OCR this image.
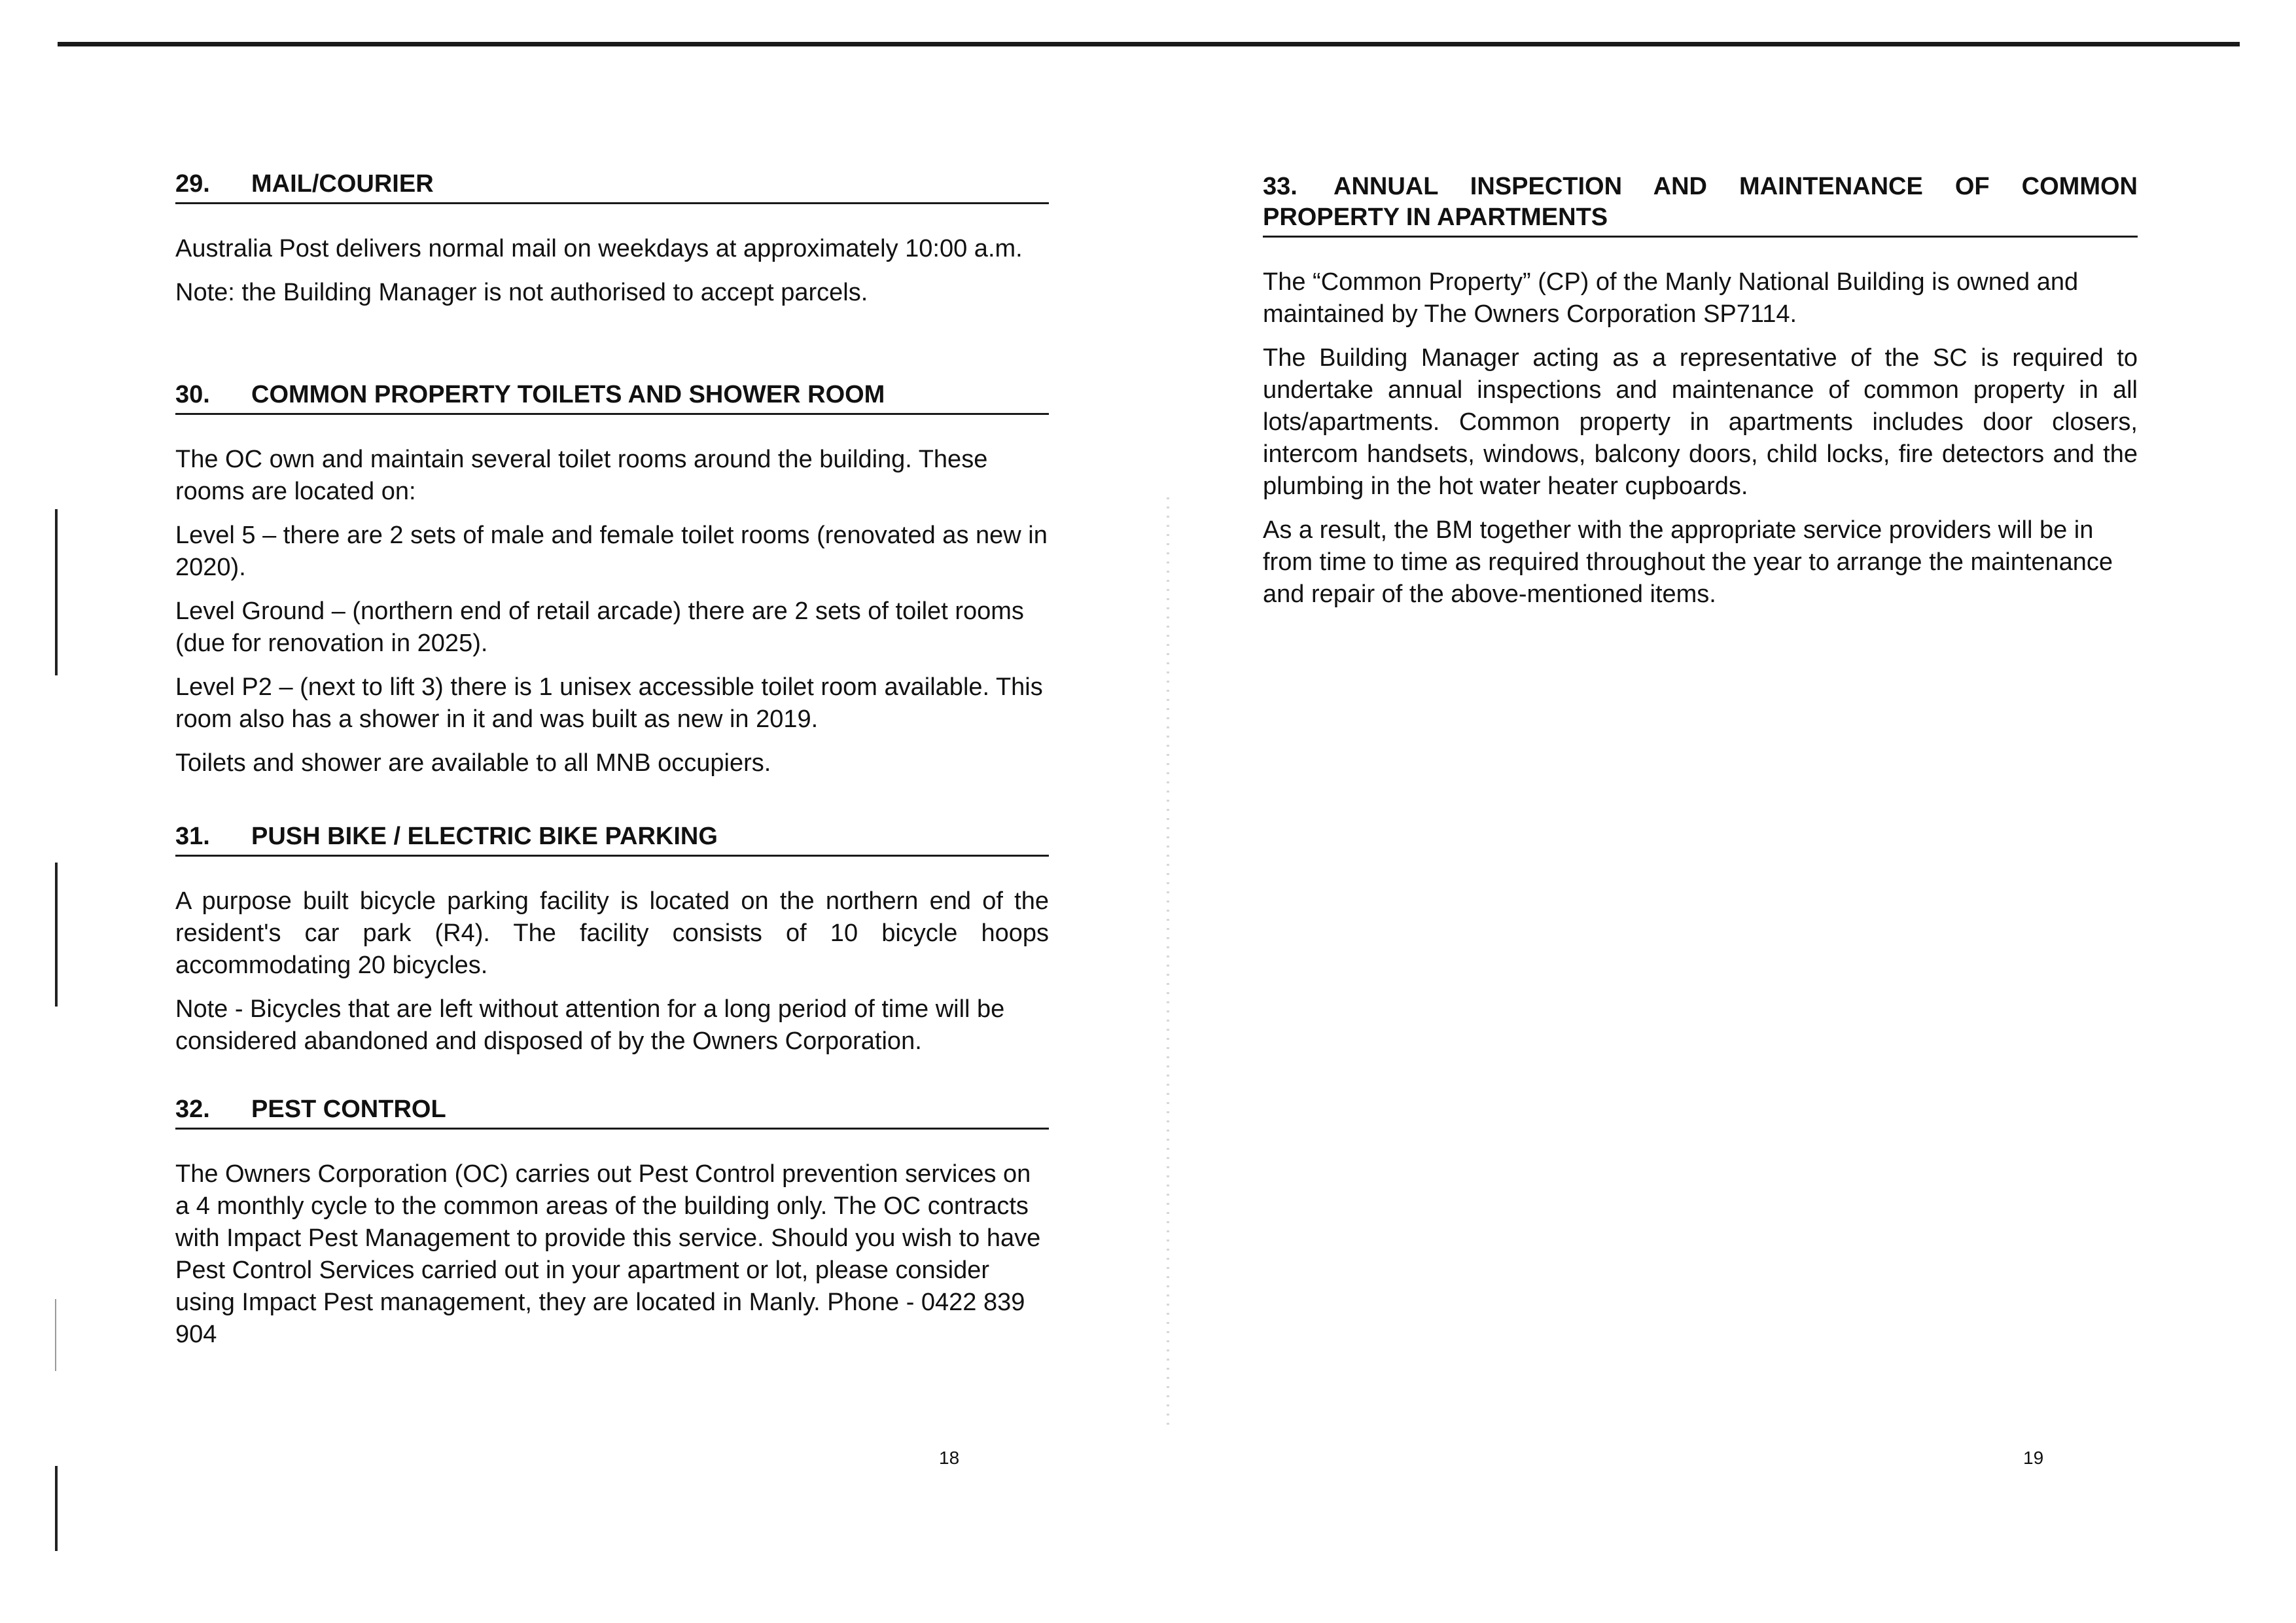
29.	MAIL/COURIER

Australia Post delivers normal mail on weekdays at approximately 10:00 a.m.

Note: the Building Manager is not authorised to accept parcels.

30.	COMMON PROPERTY TOILETS AND SHOWER ROOM

The OC own and maintain several toilet rooms around the building. These rooms are located on:

Level 5 – there are 2 sets of male and female toilet rooms (renovated as new in 2020).

Level Ground – (northern end of retail arcade) there are 2 sets of toilet rooms (due for renovation in 2025).

Level P2 – (next to lift 3) there is 1 unisex accessible toilet room available. This room also has a shower in it and was built as new in 2019.

Toilets and shower are available to all MNB occupiers.

31.	PUSH BIKE / ELECTRIC BIKE PARKING

A purpose built bicycle parking facility is located on the northern end of the resident's car park (R4). The facility consists of 10 bicycle hoops accommodating 20 bicycles.

Note - Bicycles that are left without attention for a long period of time will be considered abandoned and disposed of by the Owners Corporation.

32.	PEST CONTROL

The Owners Corporation (OC) carries out Pest Control prevention services on a 4 monthly cycle to the common areas of the building only. The OC contracts with Impact Pest Management to provide this service. Should you wish to have Pest Control Services carried out in your apartment or lot, please consider using Impact Pest management, they are located in Manly. Phone - 0422 839 904

18
33.	ANNUAL INSPECTION AND MAINTENANCE OF COMMON PROPERTY IN APARTMENTS

The “Common Property” (CP) of the Manly National Building is owned and maintained by The Owners Corporation SP7114.

The Building Manager acting as a representative of the SC is required to undertake annual inspections and maintenance of common property in all lots/apartments. Common property in apartments includes door closers, intercom handsets, windows, balcony doors, child locks, fire detectors and the plumbing in the hot water heater cupboards.

As a result, the BM together with the appropriate service providers will be in from time to time as required throughout the year to arrange the maintenance and repair of the above-mentioned items.

19
